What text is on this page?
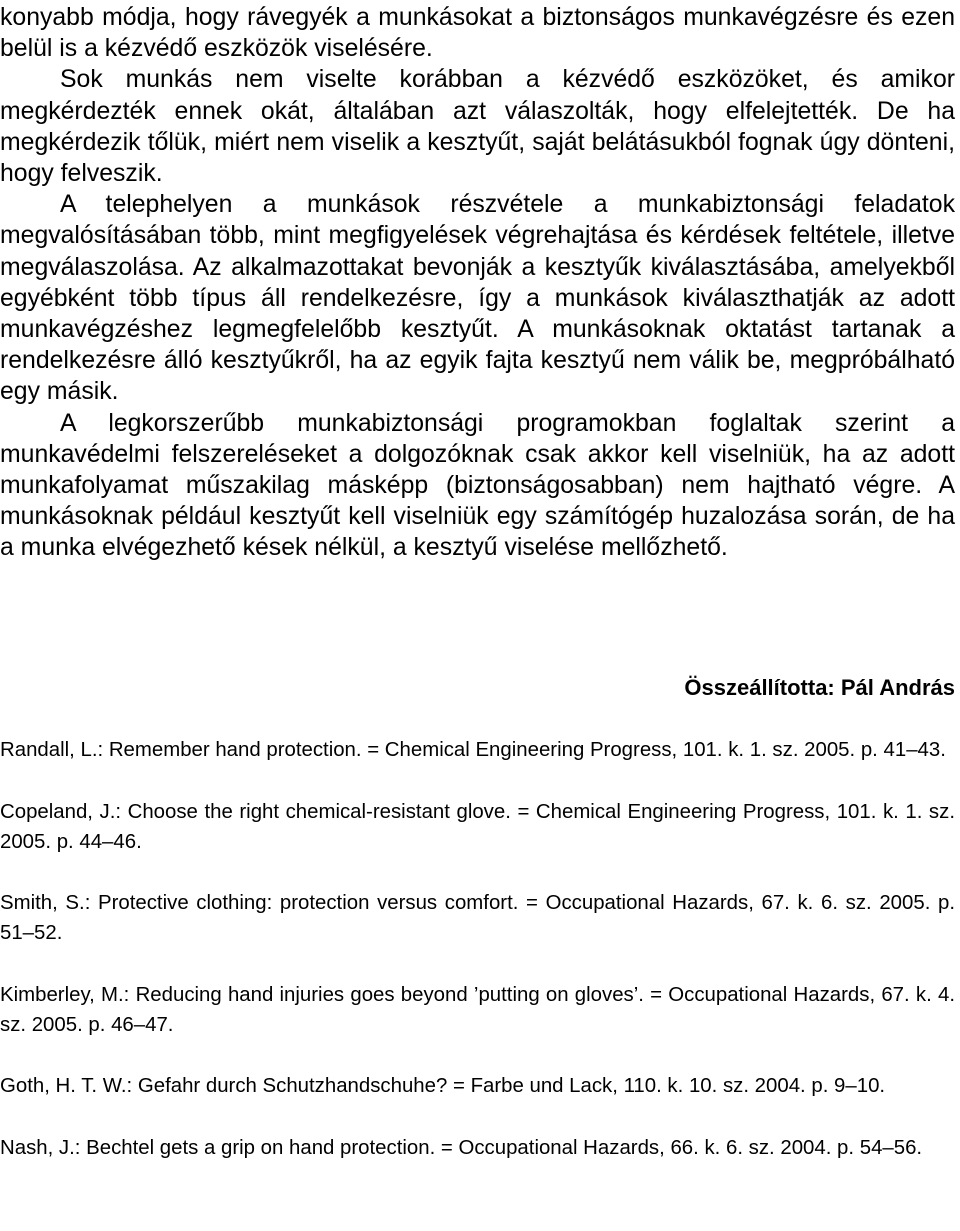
konyabb módja, hogy rávegyék a munkásokat a biztonságos munkavégzésre és ezen belül is a kézvédő eszközök viselésére.

Sok munkás nem viselte korábban a kézvédő eszközöket, és amikor megkérdezték ennek okát, általában azt válaszolták, hogy elfelejtették. De ha megkérdezik tőlük, miért nem viselik a kesztyűt, saját belátásukból fognak úgy dönteni, hogy felveszik.

A telephelyen a munkások részvétele a munkabiztonsági feladatok megvalósításában több, mint megfigyelések végrehajtása és kérdések feltétele, illetve megválaszolása. Az alkalmazottakat bevonják a kesztyűk kiválasztásába, amelyekből egyébként több típus áll rendelkezésre, így a munkások kiválaszthatják az adott munkavégzéshez legmegfelelőbb kesztyűt. A munkásoknak oktatást tartanak a rendelkezésre álló kesztyűkről, ha az egyik fajta kesztyű nem válik be, megpróbálható egy másik.

A legkorszerűbb munkabiztonsági programokban foglaltak szerint a munkavédelmi felszereléseket a dolgozóknak csak akkor kell viselniük, ha az adott munkafolyamat műszakilag másképp (biztonságosabban) nem hajtható végre. A munkásoknak például kesztyűt kell viselniük egy számítógép huzalozása során, de ha a munka elvégezhető kések nélkül, a kesztyű viselése mellőzhető.

Összeállította: Pál András

Randall, L.: Remember hand protection. = Chemical Engineering Progress, 101. k. 1. sz. 2005. p. 41–43.

Copeland, J.: Choose the right chemical-resistant glove. = Chemical Engineering Progress, 101. k. 1. sz. 2005. p. 44–46.

Smith, S.: Protective clothing: protection versus comfort. = Occupational Hazards, 67. k. 6. sz. 2005. p. 51–52.

Kimberley, M.: Reducing hand injuries goes beyond ’putting on gloves’. = Occupational Hazards, 67. k. 4. sz. 2005. p. 46–47.

Goth, H. T. W.: Gefahr durch Schutzhandschuhe? = Farbe und Lack, 110. k. 10. sz. 2004. p. 9–10.

Nash, J.: Bechtel gets a grip on hand protection. = Occupational Hazards, 66. k. 6. sz. 2004. p. 54–56.
